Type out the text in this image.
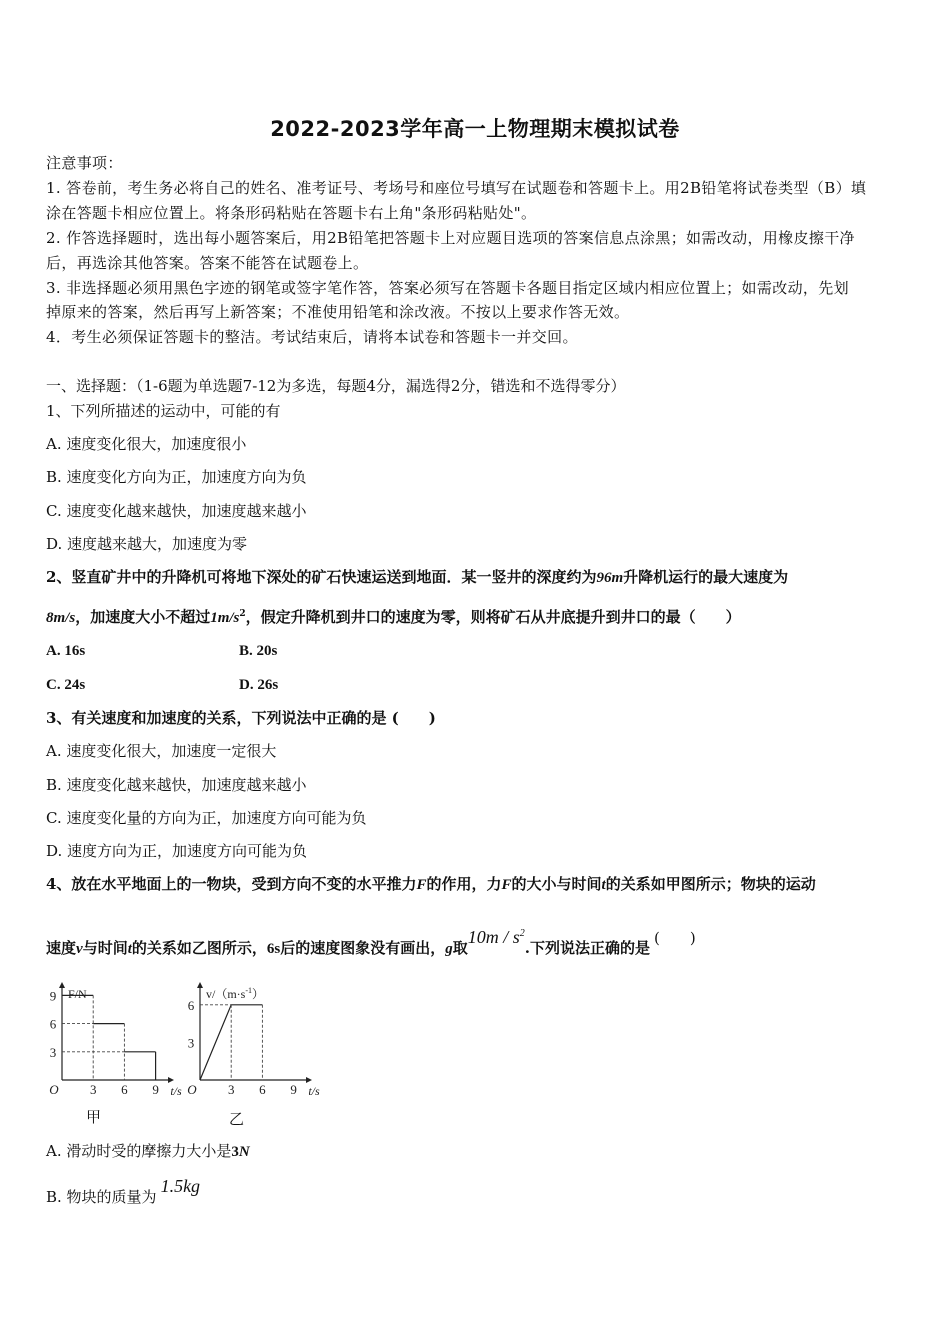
2022-2023学年高一上物理期末模拟试卷
注意事项：
1. 答卷前，考生务必将自己的姓名、准考证号、考场号和座位号填写在试题卷和答题卡上。用2B铅笔将试卷类型（B）填
涂在答题卡相应位置上。将条形码粘贴在答题卡右上角"条形码粘贴处"。
2. 作答选择题时，选出每小题答案后，用2B铅笔把答题卡上对应题目选项的答案信息点涂黑；如需改动，用橡皮擦干净
后，再选涂其他答案。答案不能答在试题卷上。
3. 非选择题必须用黑色字迹的钢笔或签字笔作答，答案必须写在答题卡各题目指定区域内相应位置上；如需改动，先划
掉原来的答案，然后再写上新答案；不准使用铅笔和涂改液。不按以上要求作答无效。
4．考生必须保证答题卡的整洁。考试结束后，请将本试卷和答题卡一并交回。
一、选择题：（1-6题为单选题7-12为多选，每题4分，漏选得2分，错选和不选得零分）
1、下列所描述的运动中，可能的有
A. 速度变化很大，加速度很小
B. 速度变化方向为正，加速度方向为负
C. 速度变化越来越快，加速度越来越小
D. 速度越来越大，加速度为零
2、竖直矿井中的升降机可将地下深处的矿石快速运送到地面．某一竖井的深度约为96m升降机运行的最大速度为
8m/s，加速度大小不超过$1m/s^2$，假定升降机到井口的速度为零，则将矿石从井底提升到井口的最（　　）
A. 16s	B. 20s
C. 24s	D. 26s
3、有关速度和加速度的关系，下列说法中正确的是 (　　)
A. 速度变化很大，加速度一定很大
B. 速度变化越来越快，加速度越来越小
C. 速度变化量的方向为正，加速度方向可能为负
D. 速度方向为正，加速度方向可能为负
4、放在水平地面上的一物块，受到方向不变的水平推力F的作用，力F的大小与时间t的关系如甲图所示；物块的运动
速度v与时间t的关系如乙图所示，6s后的速度图象没有画出，g取$10m / s^2$.下列说法正确的是(　　)
O 3 6 9
9
6
3
t/s
F/N
甲
O 3 6 9
6
3
t/s
$v/(m\cdot s^{-1})$
乙
A. 滑动时受的摩擦力大小是3N
B. 物块的质量为1.5kg
